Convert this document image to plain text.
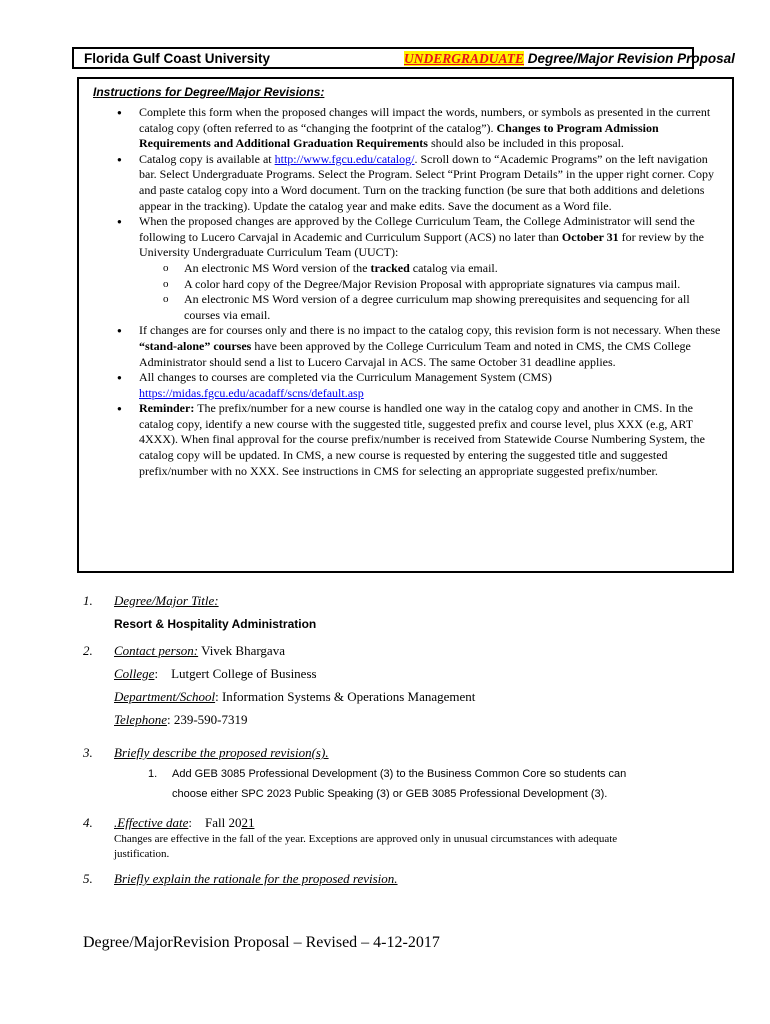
Florida Gulf Coast University	UNDERGRADUATE Degree/Major Revision Proposal
Instructions for Degree/Major Revisions:
● Complete this form when the proposed changes will impact the words, numbers, or symbols as presented in the current catalog copy (often referred to as “changing the footprint of the catalog”). Changes to Program Admission Requirements and Additional Graduation Requirements should also be included in this proposal.
● Catalog copy is available at http://www.fgcu.edu/catalog/. Scroll down to “Academic Programs” on the left navigation bar. Select Undergraduate Programs. Select the Program. Select “Print Program Details” in the upper right corner. Copy and paste catalog copy into a Word document. Turn on the tracking function (be sure that both additions and deletions appear in the tracking). Update the catalog year and make edits. Save the document as a Word file.
● When the proposed changes are approved by the College Curriculum Team, the College Administrator will send the following to Lucero Carvajal in Academic and Curriculum Support (ACS) no later than October 31 for review by the University Undergraduate Curriculum Team (UUCT):
o An electronic MS Word version of the tracked catalog via email.
o A color hard copy of the Degree/Major Revision Proposal with appropriate signatures via campus mail.
o An electronic MS Word version of a degree curriculum map showing prerequisites and sequencing for all courses via email.
● If changes are for courses only and there is no impact to the catalog copy, this revision form is not necessary. When these “stand-alone” courses have been approved by the College Curriculum Team and noted in CMS, the CMS College Administrator should send a list to Lucero Carvajal in ACS. The same October 31 deadline applies.
● All changes to courses are completed via the Curriculum Management System (CMS) https://midas.fgcu.edu/acadaff/scns/default.asp
● Reminder: The prefix/number for a new course is handled one way in the catalog copy and another in CMS. In the catalog copy, identify a new course with the suggested title, suggested prefix and course level, plus XXX (e.g, ART 4XXX). When final approval for the course prefix/number is received from Statewide Course Numbering System, the catalog copy will be updated. In CMS, a new course is requested by entering the suggested title and suggested prefix/number with no XXX. See instructions in CMS for selecting an appropriate suggested prefix/number.
1. Degree/Major Title:
Resort & Hospitality Administration
2. Contact person: Vivek Bhargava
College:    Lutgert College of Business
Department/School: Information Systems & Operations Management
Telephone: 239-590-7319
3. Briefly describe the proposed revision(s).
1. Add GEB 3085 Professional Development (3) to the Business Common Core so students can
choose either SPC 2023 Public Speaking (3) or GEB 3085 Professional Development (3).
4. .Effective date:    Fall 2021
Changes are effective in the fall of the year. Exceptions are approved only in unusual circumstances with adequate
justification.
5. Briefly explain the rationale for the proposed revision.
Degree/MajorRevision Proposal – Revised – 4-12-2017
